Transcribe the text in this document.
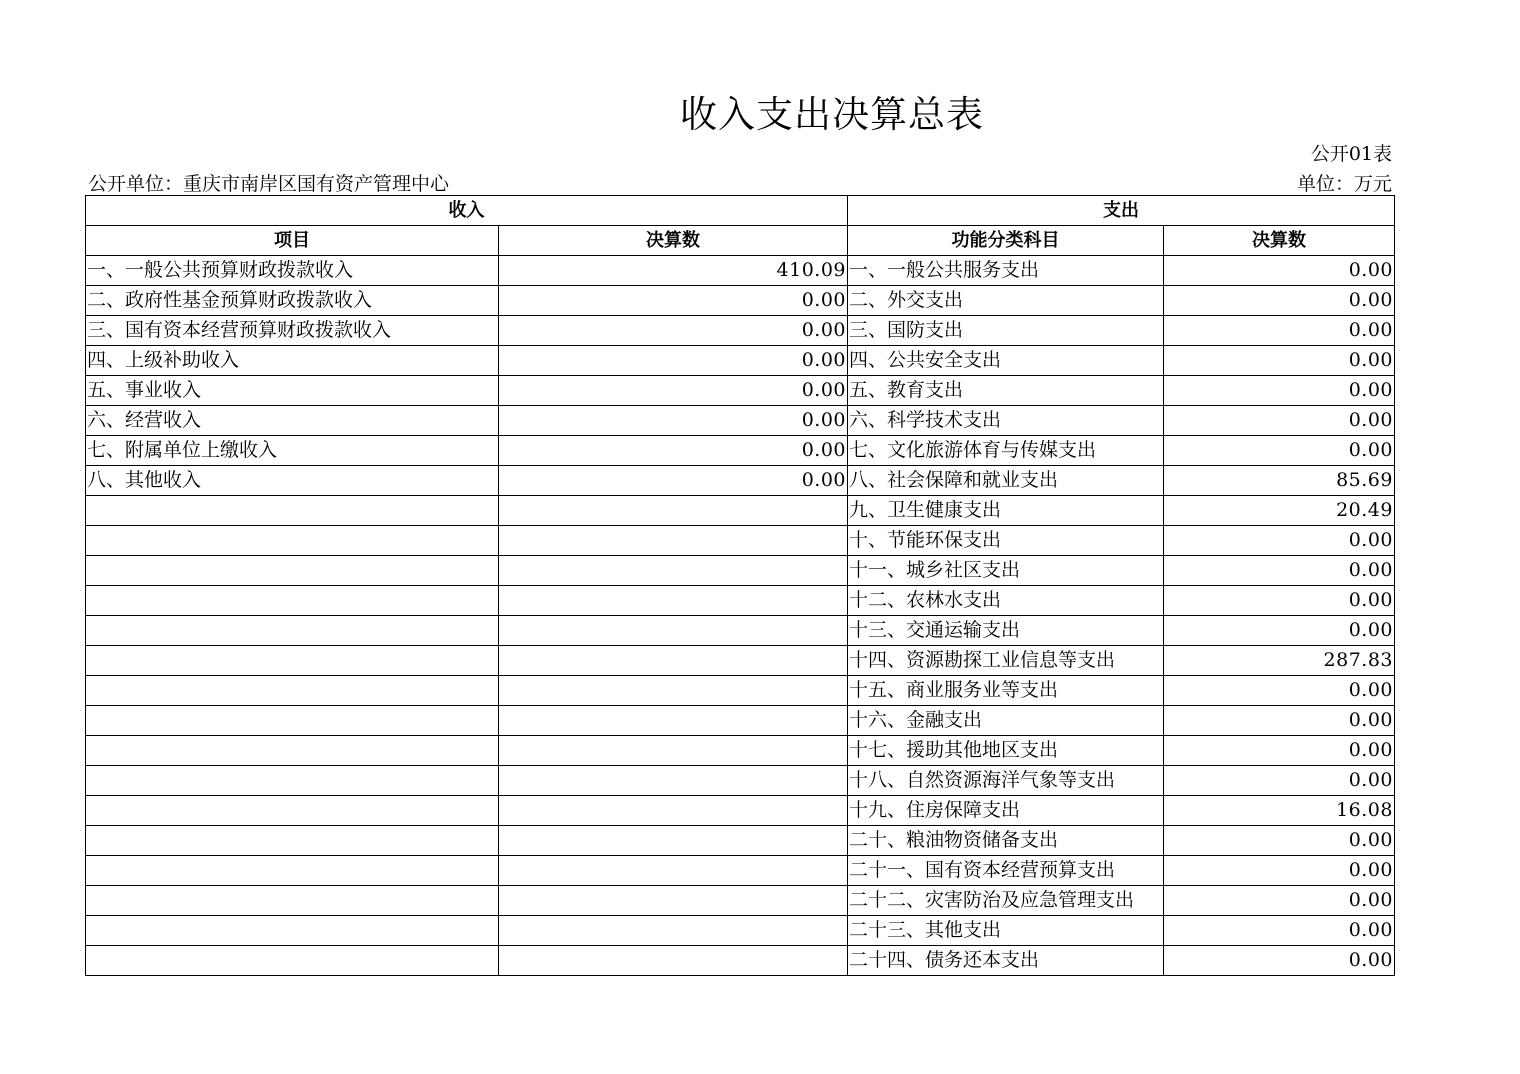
收入支出决算总表
公开01表
公开单位：重庆市南岸区国有资产管理中心	单位：万元
收入		支出	
项目	决算数	功能分类科目	决算数
一、一般公共预算财政拨款收入	410.09	一、一般公共服务支出	0.00
二、政府性基金预算财政拨款收入	0.00	二、外交支出	0.00
三、国有资本经营预算财政拨款收入	0.00	三、国防支出	0.00
四、上级补助收入	0.00	四、公共安全支出	0.00
五、事业收入	0.00	五、教育支出	0.00
六、经营收入	0.00	六、科学技术支出	0.00
七、附属单位上缴收入	0.00	七、文化旅游体育与传媒支出	0.00
八、其他收入	0.00	八、社会保障和就业支出	85.69
		九、卫生健康支出	20.49
		十、节能环保支出	0.00
		十一、城乡社区支出	0.00
		十二、农林水支出	0.00
		十三、交通运输支出	0.00
		十四、资源勘探工业信息等支出	287.83
		十五、商业服务业等支出	0.00
		十六、金融支出	0.00
		十七、援助其他地区支出	0.00
		十八、自然资源海洋气象等支出	0.00
		十九、住房保障支出	16.08
		二十、粮油物资储备支出	0.00
		二十一、国有资本经营预算支出	0.00
		二十二、灾害防治及应急管理支出	0.00
		二十三、其他支出	0.00
		二十四、债务还本支出	0.00
